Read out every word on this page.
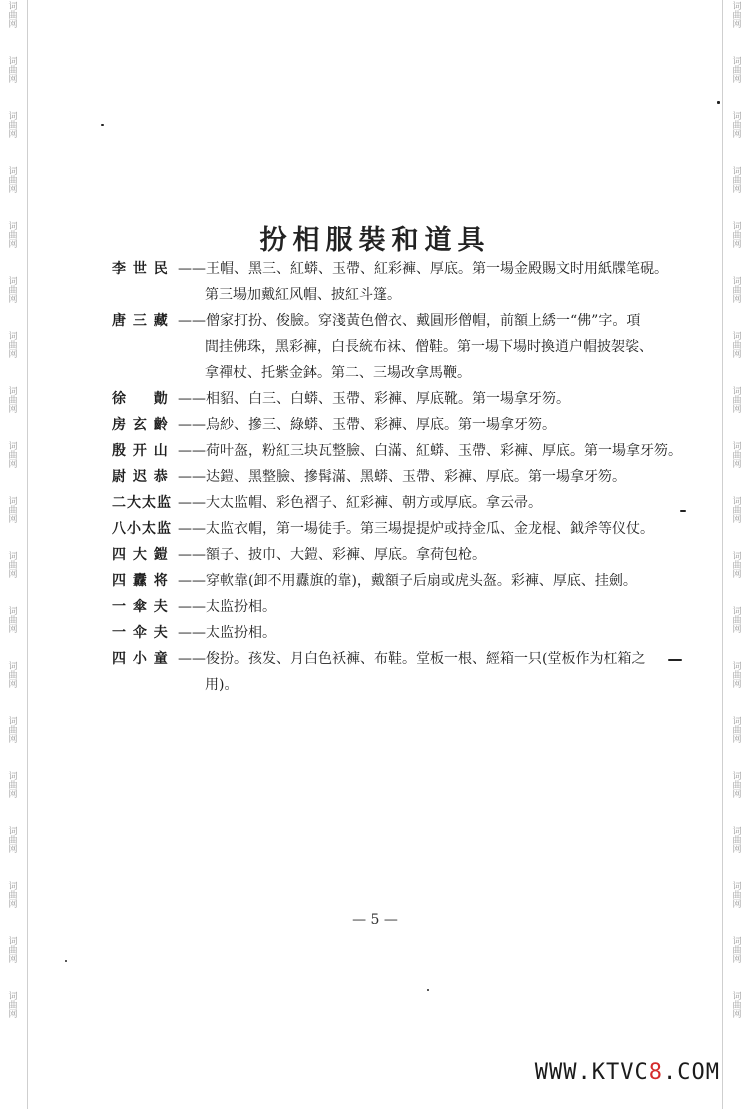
词
曲
网
词
曲
网
词
曲
网
词
曲
网
词
曲
网
词
曲
网
词
曲
网
词
曲
网
词
曲
网
词
曲
网
词
曲
网
词
曲
网
词
曲
网
词
曲
网
词
曲
网
词
曲
网
词
曲
网
词
曲
网
词
曲
网
词
曲
网
词
曲
网
词
曲
网
词
曲
网
词
曲
网
词
曲
网
词
曲
网
词
曲
网
词
曲
网
词
曲
网
词
曲
网
词
曲
网
词
曲
网
词
曲
网
词
曲
网
词
曲
网
词
曲
网
词
曲
网
词
曲
网
扮相服裝和道具
李 世 民 ——王帽、黑三、紅蟒、玉帶、紅彩褲、厚底。第一場金殿賜文时用紙牒笔硯。
第三場加戴紅风帽、披紅斗篷。
唐 三 藏 ——僧家打扮、俊臉。穿淺黃色僧衣、戴圓形僧帽，前額上綉一“佛”字。項
間挂佛珠，黑彩褲，白長統布袜、僧鞋。第一場下場时換逍户帽披袈裟、
拿禪杖、托紫金鉢。第二、三場改拿馬鞭。
徐 　 勣 ——相貂、白三、白蟒、玉帶、彩褲、厚底靴。第一場拿牙笏。
房 玄 齡 ——烏紗、摻三、綠蟒、玉帶、彩褲、厚底。第一場拿牙笏。
殷 开 山 ——荷叶盔，粉紅三块瓦整臉、白滿、紅蟒、玉帶、彩褲、厚底。第一場拿牙笏。
尉 迟 恭 ——达鎧、黑整臉、摻髯滿、黑蟒、玉帶、彩褲、厚底。第一場拿牙笏。
二大太监 ——大太监帽、彩色褶子、紅彩褲、朝方或厚底。拿云帚。
八小太监 ——太监衣帽，第一場徒手。第三場提提炉或持金瓜、金龙棍、鉞斧等仪仗。
四 大 鎧 ——額子、披巾、大鎧、彩褲、厚底。拿荷包枪。
四 纛 将 ——穿軟靠(卸不用纛旗的靠)，戴額子后扇或虎头盔。彩褲、厚底、挂劍。
一 傘 夫 ——太监扮相。
一 伞 夫 ——太监扮相。
四 小 童 ——俊扮。孩发、月白色袄褲、布鞋。堂板一根、經箱一只(堂板作为杠箱之
用)。
— 5 —
WWW.KTVC8.COM
